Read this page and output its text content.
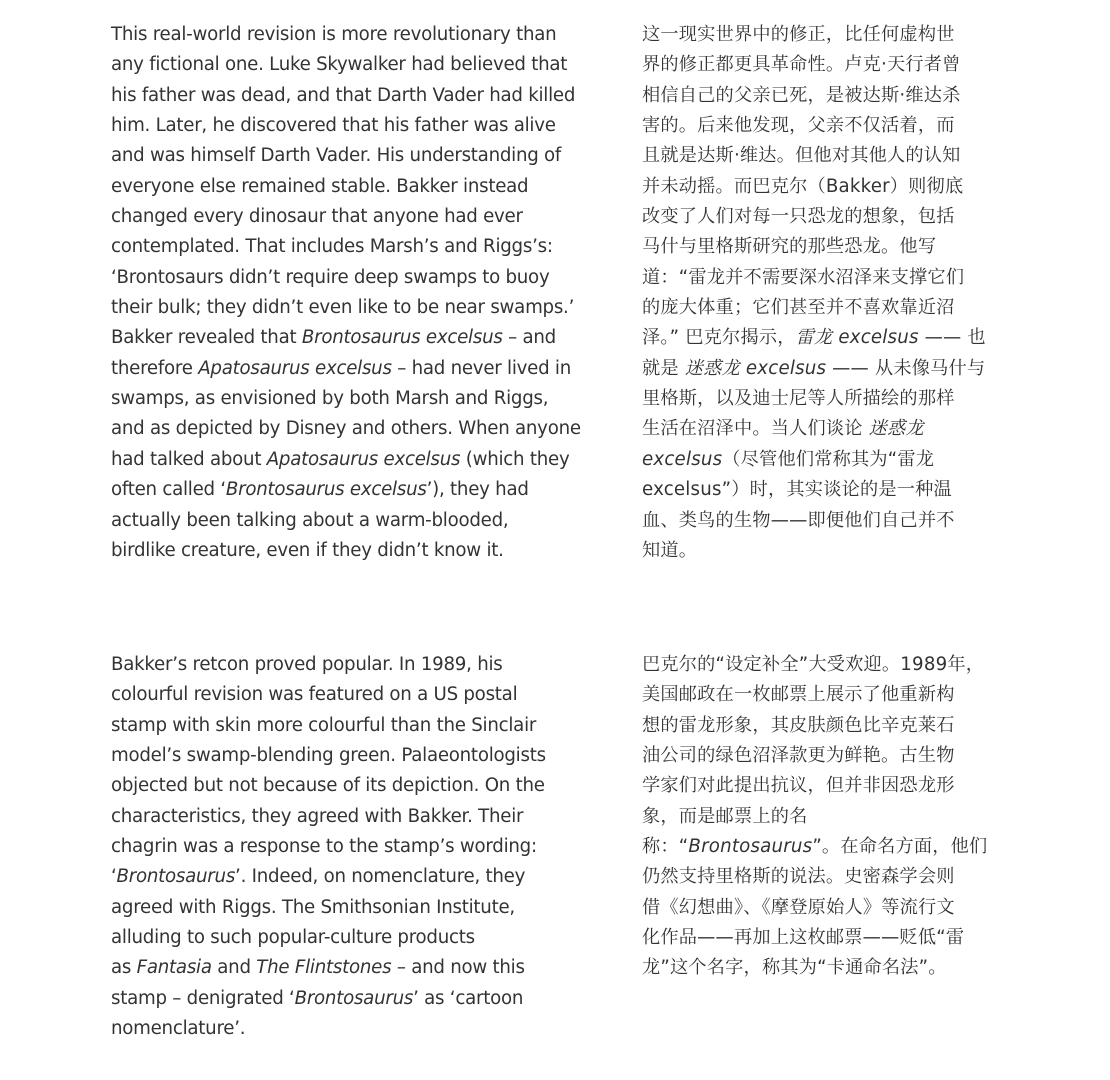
This real-world revision is more revolutionary than
any fictional one. Luke Skywalker had believed that
his father was dead, and that Darth Vader had killed
him. Later, he discovered that his father was alive
and was himself Darth Vader. His understanding of
everyone else remained stable. Bakker instead
changed every dinosaur that anyone had ever
contemplated. That includes Marsh’s and Riggs’s:
‘Brontosaurs didn’t require deep swamps to buoy
their bulk; they didn’t even like to be near swamps.’
Bakker revealed that Brontosaurus excelsus – and
therefore Apatosaurus excelsus – had never lived in
swamps, as envisioned by both Marsh and Riggs,
and as depicted by Disney and others. When anyone
had talked about Apatosaurus excelsus (which they
often called ‘Brontosaurus excelsus’), they had
actually been talking about a warm-blooded,
birdlike creature, even if they didn’t know it.

这一现实世界中的修正，比任何虚构世
界的修正都更具革命性。卢克·天行者曾
相信自己的父亲已死，是被达斯·维达杀
害的。后来他发现，父亲不仅活着，而
且就是达斯·维达。但他对其他人的认知
并未动摇。而巴克尔（Bakker）则彻底
改变了人们对每一只恐龙的想象，包括
马什与里格斯研究的那些恐龙。他写
道：“雷龙并不需要深水沼泽来支撑它们
的庞大体重；它们甚至并不喜欢靠近沼
泽。” 巴克尔揭示，雷龙 excelsus —— 也
就是 迷惑龙 excelsus —— 从未像马什与
里格斯，以及迪士尼等人所描绘的那样
生活在沼泽中。当人们谈论 迷惑龙
excelsus（尽管他们常称其为“雷龙
excelsus”）时，其实谈论的是一种温
血、类鸟的生物——即便他们自己并不
知道。

Bakker’s retcon proved popular. In 1989, his
colourful revision was featured on a US postal
stamp with skin more colourful than the Sinclair
model’s swamp-blending green. Palaeontologists
objected but not because of its depiction. On the
characteristics, they agreed with Bakker. Their
chagrin was a response to the stamp’s wording:
‘Brontosaurus’. Indeed, on nomenclature, they
agreed with Riggs. The Smithsonian Institute,
alluding to such popular-culture products
as Fantasia and The Flintstones – and now this
stamp – denigrated ‘Brontosaurus’ as ‘cartoon
nomenclature’.

巴克尔的“设定补全”大受欢迎。1989年，
美国邮政在一枚邮票上展示了他重新构
想的雷龙形象，其皮肤颜色比辛克莱石
油公司的绿色沼泽款更为鲜艳。古生物
学家们对此提出抗议，但并非因恐龙形
象，而是邮票上的名
称：“Brontosaurus”。在命名方面，他们
仍然支持里格斯的说法。史密森学会则
借《幻想曲》、《摩登原始人》等流行文
化作品——再加上这枚邮票——贬低“雷
龙”这个名字，称其为“卡通命名法”。
